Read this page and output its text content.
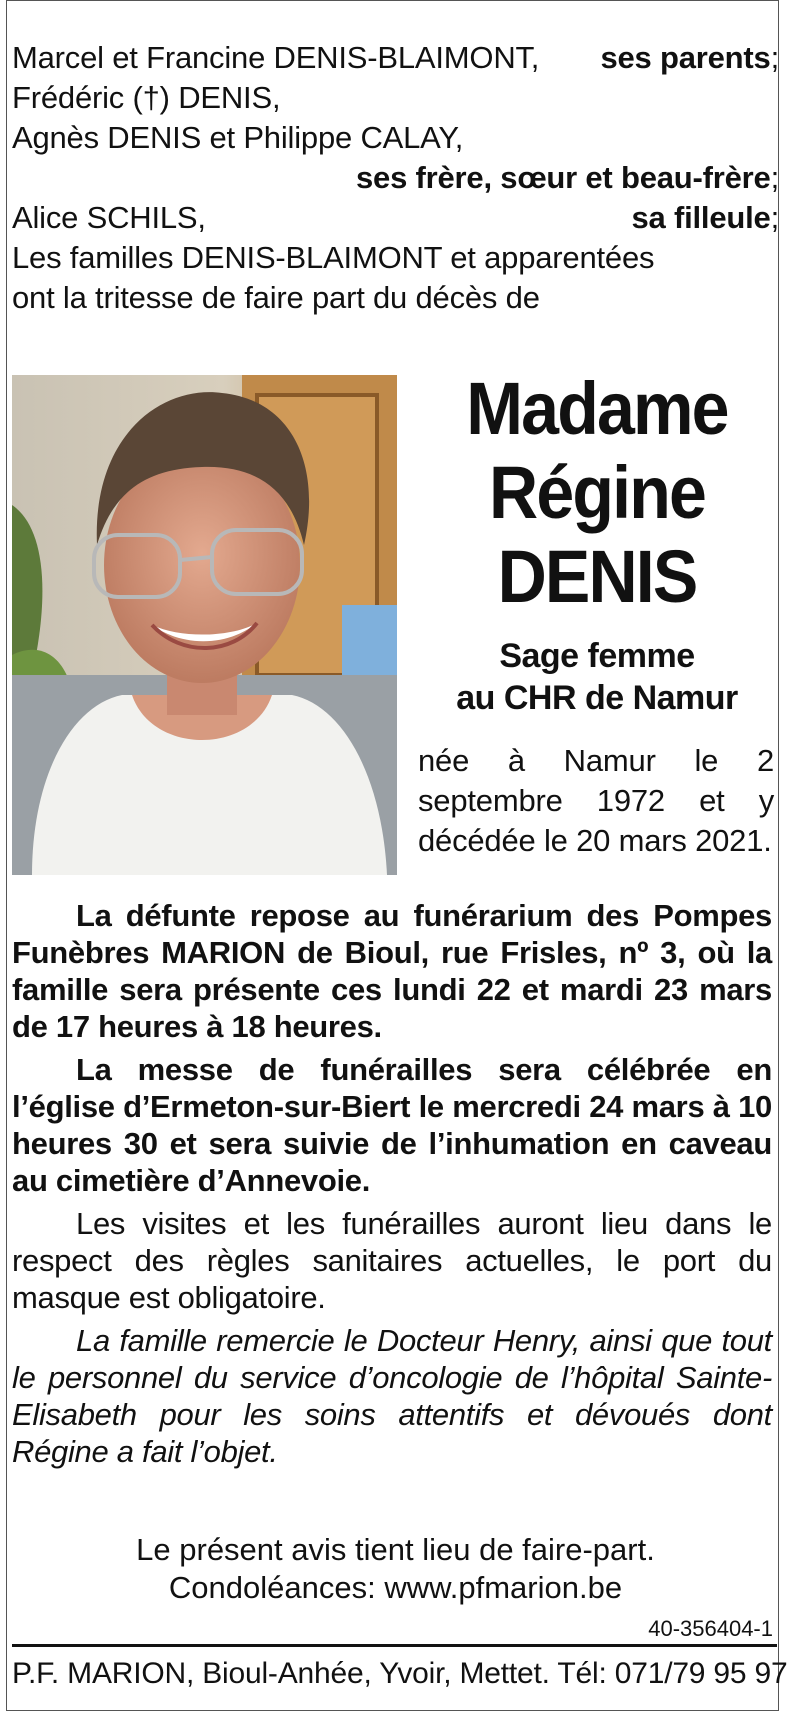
Marcel et Francine DENIS-BLAIMONT, ses parents;
Frédéric (†) DENIS,
Agnès DENIS et Philippe CALAY,
ses frère, sœur et beau-frère;
Alice SCHILS,	sa filleule;
Les familles DENIS-BLAIMONT et apparentées
ont la tritesse de faire part du décès de
Madame
Régine
DENIS
Sage femme
au CHR de Namur
née à Namur le 2 septembre 1972 et y décédée le 20 mars 2021.

La défunte repose au funérarium des Pompes Funèbres MARION de Bioul, rue Frisles, nº 3, où la famille sera présente ces lundi 22 et mardi 23 mars de 17 heures à 18 heures.

La messe de funérailles sera célébrée en l’église d’Ermeton-sur-Biert le mercredi 24 mars à 10 heures 30 et sera suivie de l’inhumation en caveau au cimetière d’Annevoie.

Les visites et les funérailles auront lieu dans le respect des règles sanitaires actuelles, le port du masque est obligatoire.

La famille remercie le Docteur Henry, ainsi que tout le personnel du service d’oncologie de l’hôpital Sainte-Elisabeth pour les soins attentifs et dévoués dont Régine a fait l’objet.

Le présent avis tient lieu de faire-part.
Condoléances: www.pfmarion.be
40-356404-1
P.F. MARION, Bioul-Anhée, Yvoir, Mettet. Tél: 071/79 95 97
